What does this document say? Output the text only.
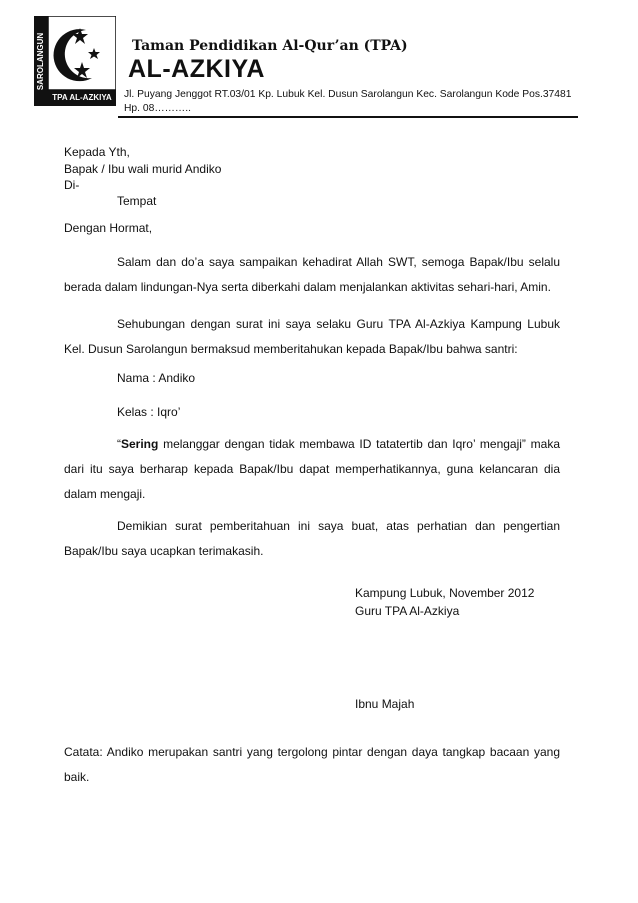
SAROLANGUN
TPA AL-AZKIYA
Taman Pendidikan Al-Qur’an (TPA)
AL-AZKIYA
Jl. Puyang Jenggot RT.03/01 Kp. Lubuk Kel. Dusun Sarolangun Kec. Sarolangun Kode Pos.37481
Hp. 08………..
Kepada Yth,
Bapak / Ibu wali murid Andiko
Di-
Tempat
Dengan Hormat,
Salam dan do’a saya sampaikan kehadirat Allah SWT, semoga Bapak/Ibu selalu berada dalam lindungan-Nya serta diberkahi dalam menjalankan aktivitas sehari-hari, Amin.
Sehubungan dengan surat ini saya selaku Guru TPA Al-Azkiya Kampung Lubuk Kel. Dusun Sarolangun bermaksud memberitahukan kepada Bapak/Ibu bahwa santri:
Nama : Andiko
Kelas : Iqro’
“Sering melanggar dengan tidak membawa ID tatatertib dan Iqro’ mengaji” maka dari itu saya berharap kepada Bapak/Ibu dapat memperhatikannya, guna kelancaran dia dalam mengaji.
Demikian surat pemberitahuan ini saya buat, atas perhatian dan pengertian Bapak/Ibu saya ucapkan terimakasih.
Kampung Lubuk, November 2012
Guru TPA Al-Azkiya
Ibnu Majah
Catata: Andiko merupakan santri yang tergolong pintar dengan daya tangkap bacaan yang baik.
